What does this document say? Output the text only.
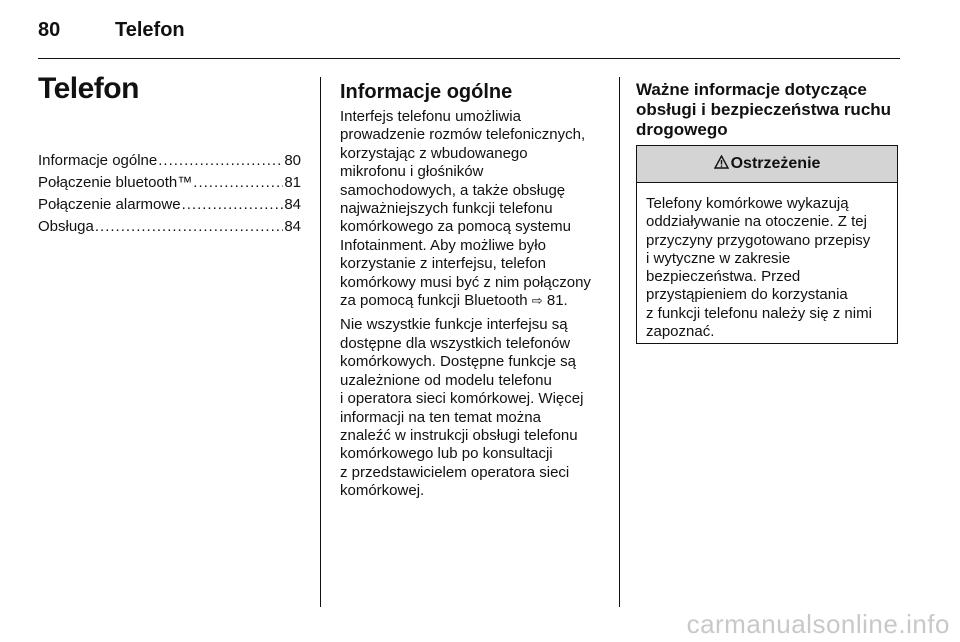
80	Telefon
Telefon
Informacje ogólne .....	80
Połączenie bluetooth™ .....	81
Połączenie alarmowe .....	84
Obsługa .....	84
Informacje ogólne

Interfejs telefonu umożliwia
prowadzenie rozmów telefonicznych,
korzystając z wbudowanego
mikrofonu i głośników
samochodowych, a także obsługę
najważniejszych funkcji telefonu
komórkowego za pomocą systemu
Infotainment. Aby możliwe było
korzystanie z interfejsu, telefon
komórkowy musi być z nim połączony
za pomocą funkcji Bluetooth ⇨ 81.

Nie wszystkie funkcje interfejsu są
dostępne dla wszystkich telefonów
komórkowych. Dostępne funkcje są
uzależnione od modelu telefonu
i operatora sieci komórkowej. Więcej
informacji na ten temat można
znaleźć w instrukcji obsługi telefonu
komórkowego lub po konsultacji
z przedstawicielem operatora sieci
komórkowej.

Ważne informacje dotyczące
obsługi i bezpieczeństwa ruchu
drogowego
Ostrzeżenie
Telefony komórkowe wykazują
oddziaływanie na otoczenie. Z tej
przyczyny przygotowano przepisy
i wytyczne w zakresie
bezpieczeństwa. Przed
przystąpieniem do korzystania
z funkcji telefonu należy się z nimi
zapoznać.
carmanualsonline.info
